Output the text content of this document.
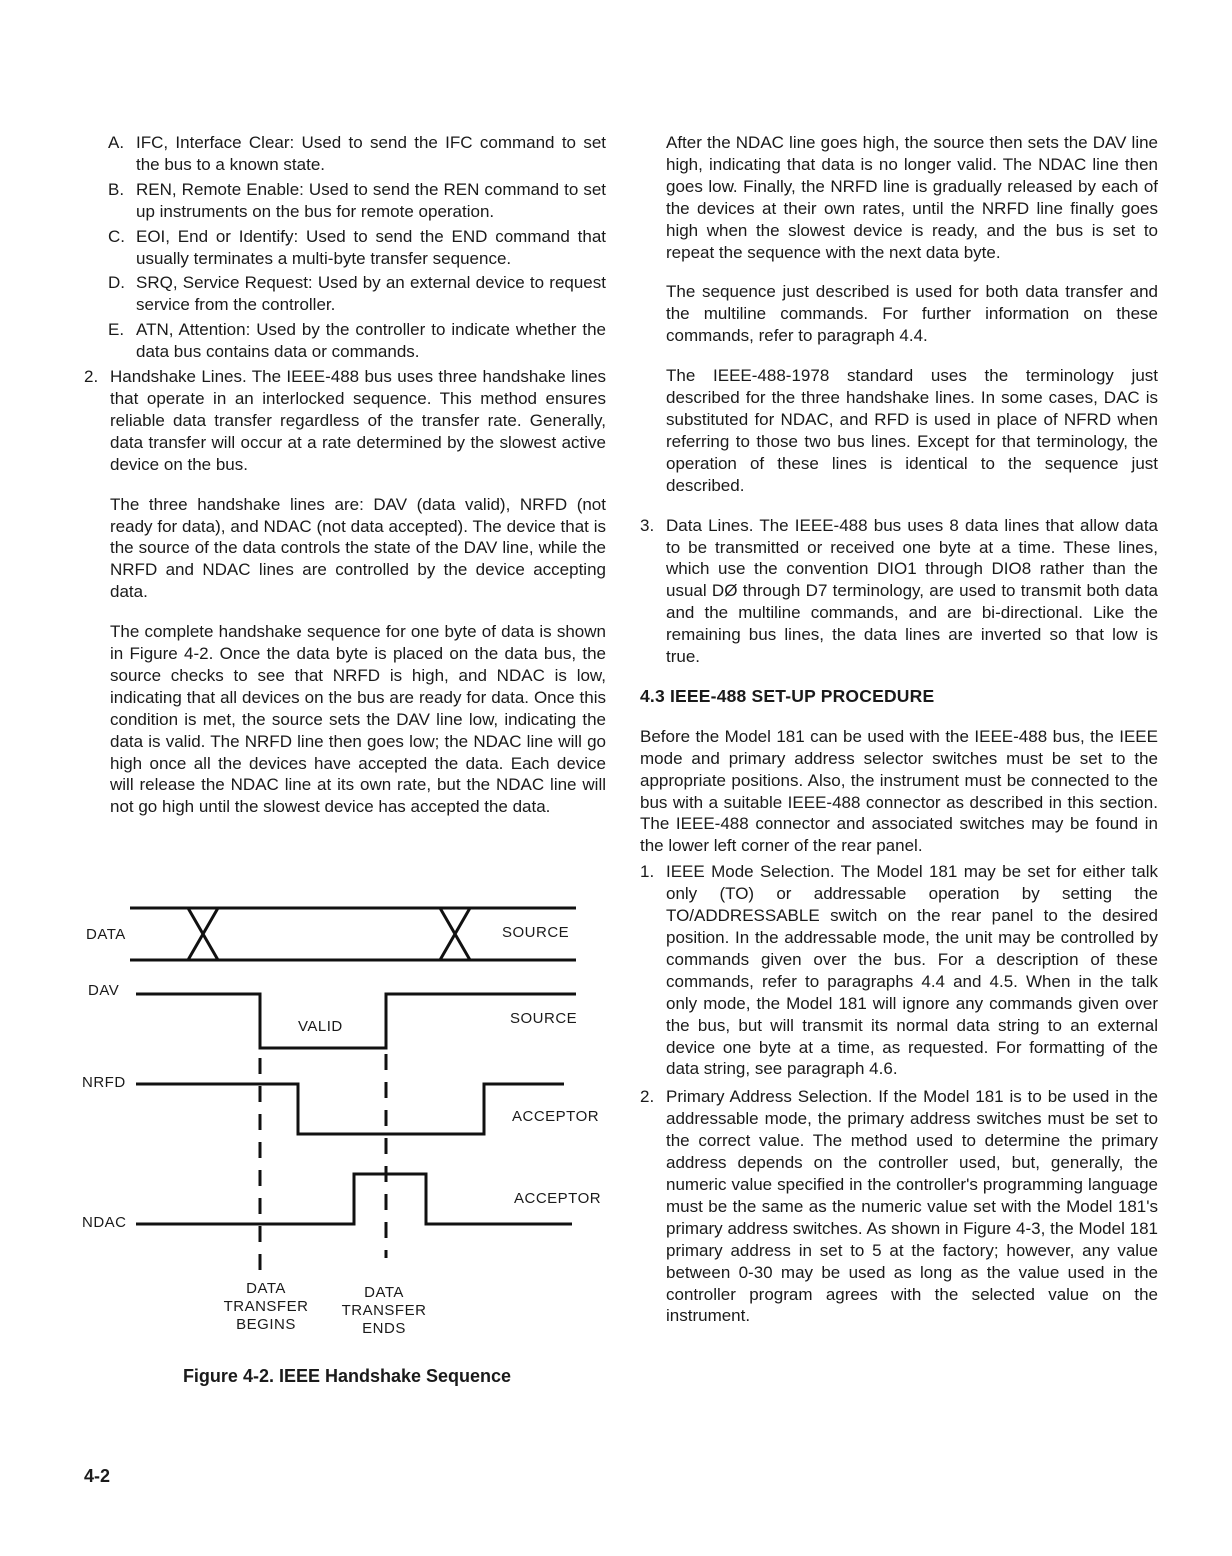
A. IFC, Interface Clear: Used to send the IFC command to set the bus to a known state.
B. REN, Remote Enable: Used to send the REN command to set up instruments on the bus for remote operation.
C. EOI, End or Identify: Used to send the END command that usually terminates a multi-byte transfer sequence.
D. SRQ, Service Request: Used by an external device to request service from the controller.
E. ATN, Attention: Used by the controller to indicate whether the data bus contains data or commands.
2. Handshake Lines. The IEEE-488 bus uses three handshake lines that operate in an interlocked sequence. This method ensures reliable data transfer regardless of the transfer rate. Generally, data transfer will occur at a rate determined by the slowest active device on the bus.

The three handshake lines are: DAV (data valid), NRFD (not ready for data), and NDAC (not data accepted). The device that is the source of the data controls the state of the DAV line, while the NRFD and NDAC lines are controlled by the device accepting data.

The complete handshake sequence for one byte of data is shown in Figure 4-2. Once the data byte is placed on the data bus, the source checks to see that NRFD is high, and NDAC is low, indicating that all devices on the bus are ready for data. Once this condition is met, the source sets the DAV line low, indicating the data is valid. The NRFD line then goes low; the NDAC line will go high once all the devices have accepted the data. Each device will release the NDAC line at its own rate, but the NDAC line will not go high until the slowest device has accepted the data.

DATA	SOURCE
DAV
VALID	SOURCE
NRFD
ACCEPTOR
ACCEPTOR
NDAC
DATA
TRANSFER
BEGINS
DATA
TRANSFER
ENDS
Figure 4-2. IEEE Handshake Sequence

After the NDAC line goes high, the source then sets the DAV line high, indicating that data is no longer valid. The NDAC line then goes low. Finally, the NRFD line is gradually released by each of the devices at their own rates, until the NRFD line finally goes high when the slowest device is ready, and the bus is set to repeat the sequence with the next data byte.

The sequence just described is used for both data transfer and the multiline commands. For further information on these commands, refer to paragraph 4.4.

The IEEE-488-1978 standard uses the terminology just described for the three handshake lines. In some cases, DAC is substituted for NDAC, and RFD is used in place of NFRD when referring to those two bus lines. Except for that terminology, the operation of these lines is identical to the sequence just described.

3. Data Lines. The IEEE-488 bus uses 8 data lines that allow data to be transmitted or received one byte at a time. These lines, which use the convention DIO1 through DIO8 rather than the usual DØ through D7 terminology, are used to transmit both data and the multiline commands, and are bi-directional. Like the remaining bus lines, the data lines are inverted so that low is true.
4.3 IEEE-488 SET-UP PROCEDURE

Before the Model 181 can be used with the IEEE-488 bus, the IEEE mode and primary address selector switches must be set to the appropriate positions. Also, the instrument must be connected to the bus with a suitable IEEE-488 connector as described in this section. The IEEE-488 connector and associated switches may be found in the lower left corner of the rear panel.

1. IEEE Mode Selection. The Model 181 may be set for either talk only (TO) or addressable operation by setting the TO/ADDRESSABLE switch on the rear panel to the desired position. In the addressable mode, the unit may be controlled by commands given over the bus. For a description of these commands, refer to paragraphs 4.4 and 4.5. When in the talk only mode, the Model 181 will ignore any commands given over the bus, but will transmit its normal data string to an external device one byte at a time, as requested. For formatting of the data string, see paragraph 4.6.
2. Primary Address Selection. If the Model 181 is to be used in the addressable mode, the primary address switches must be set to the correct value. The method used to determine the primary address depends on the controller used, but, generally, the numeric value specified in the controller's programming language must be the same as the numeric value set with the Model 181's primary address switches. As shown in Figure 4-3, the Model 181 primary address in set to 5 at the factory; however, any value between 0-30 may be used as long as the value used in the controller program agrees with the selected value on the instrument.
4-2
